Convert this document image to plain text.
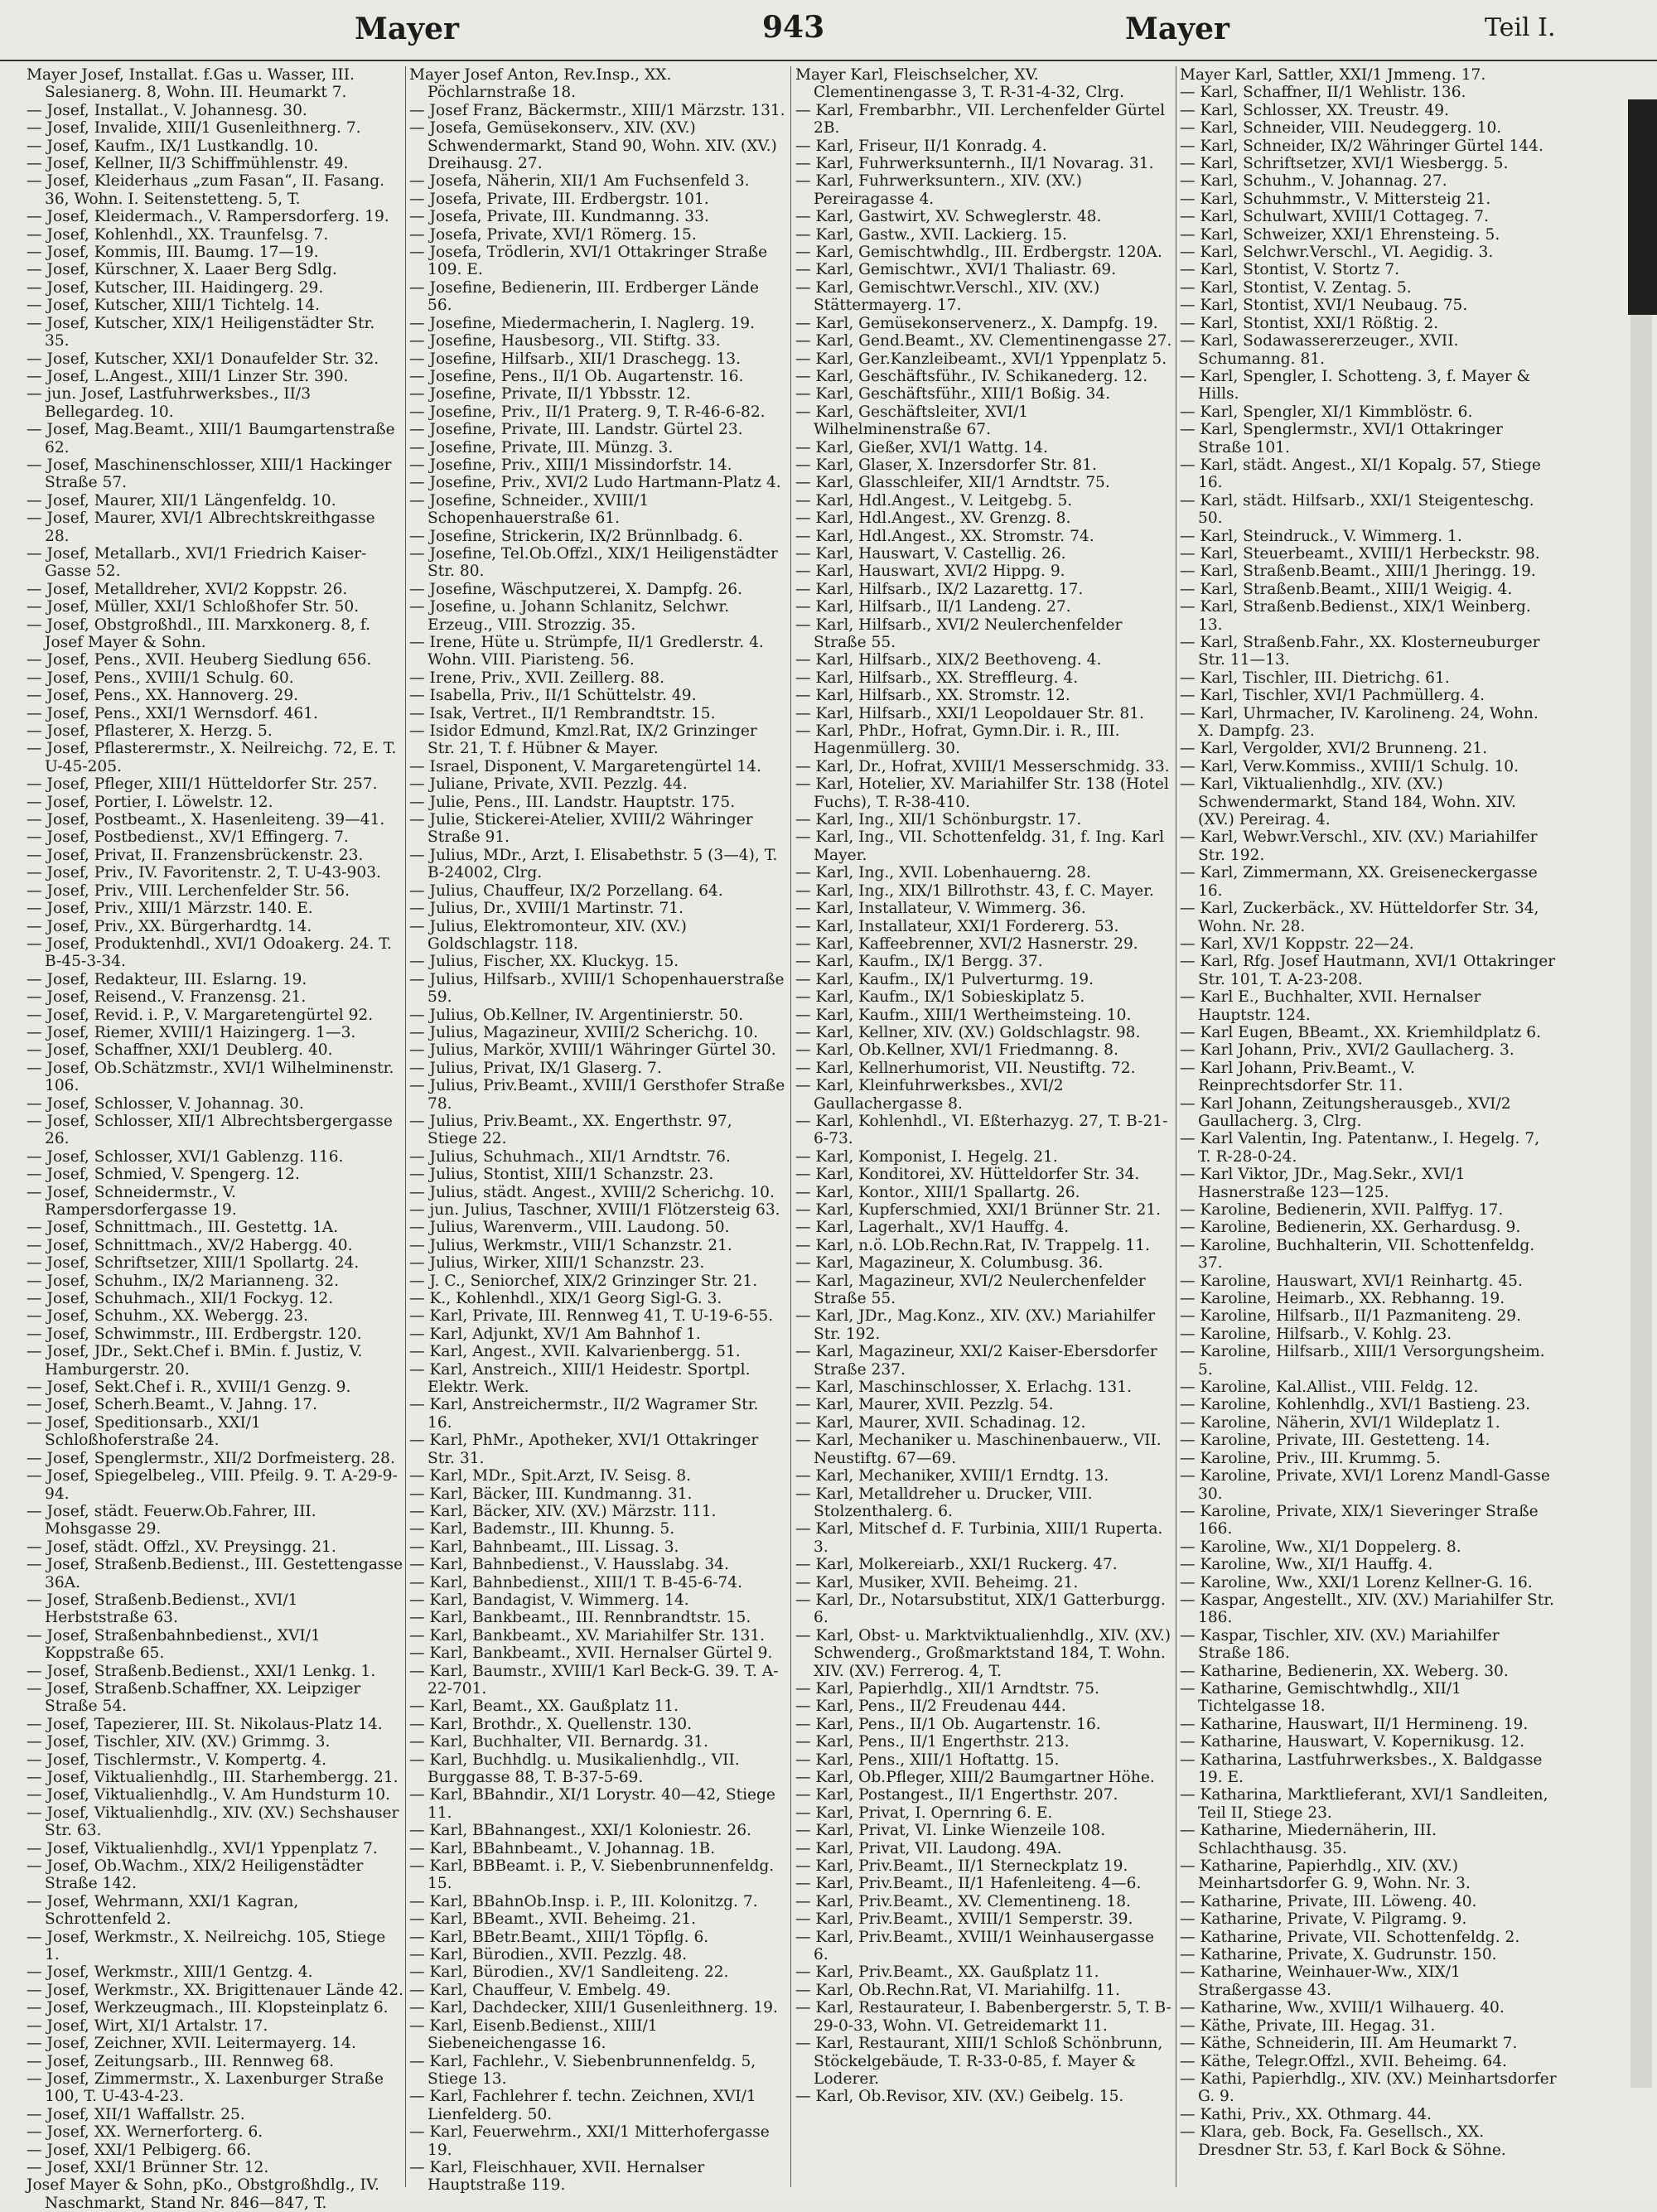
Mayer	943	Mayer	Teil I.

Mayer Josef, Installat. f.Gas u. Wasser, III. Salesianerg. 8, Wohn. III. Heumarkt 7.

— Josef, Installat., V. Johannesg. 30.

— Josef, Invalide, XIII/1 Gusenleithnerg. 7.

— Josef, Kaufm., IX/1 Lustkandlg. 10.

— Josef, Kellner, II/3 Schiffmühlenstr. 49.

— Josef, Kleiderhaus „zum Fasan“, II. Fasang. 36, Wohn. I. Seitenstetteng. 5, T.

— Josef, Kleidermach., V. Rampersdorferg. 19.

— Josef, Kohlenhdl., XX. Traunfelsg. 7.

— Josef, Kommis, III. Baumg. 17—19.

— Josef, Kürschner, X. Laaer Berg Sdlg.

— Josef, Kutscher, III. Haidingerg. 29.

— Josef, Kutscher, XIII/1 Tichtelg. 14.

— Josef, Kutscher, XIX/1 Heiligenstädter Str. 35.

— Josef, Kutscher, XXI/1 Donaufelder Str. 32.

— Josef, L.Angest., XIII/1 Linzer Str. 390.

— jun. Josef, Lastfuhrwerksbes., II/3 Bellegardeg. 10.

— Josef, Mag.Beamt., XIII/1 Baumgartenstraße 62.

— Josef, Maschinenschlosser, XIII/1 Hackinger Straße 57.

— Josef, Maurer, XII/1 Längenfeldg. 10.

— Josef, Maurer, XVI/1 Albrechtskreithgasse 28.

— Josef, Metallarb., XVI/1 Friedrich Kaiser-Gasse 52.

— Josef, Metalldreher, XVI/2 Koppstr. 26.

— Josef, Müller, XXI/1 Schloßhofer Str. 50.

— Josef, Obstgroßhdl., III. Marxkonerg. 8, f. Josef Mayer & Sohn.

— Josef, Pens., XVII. Heuberg Siedlung 656.

— Josef, Pens., XVIII/1 Schulg. 60.

— Josef, Pens., XX. Hannoverg. 29.

— Josef, Pens., XXI/1 Wernsdorf. 461.

— Josef, Pflasterer, X. Herzg. 5.

— Josef, Pflasterermstr., X. Neilreichg. 72, E. T. U-45-205.

— Josef, Pfleger, XIII/1 Hütteldorfer Str. 257.

— Josef, Portier, I. Löwelstr. 12.

— Josef, Postbeamt., X. Hasenleiteng. 39—41.

— Josef, Postbedienst., XV/1 Effingerg. 7.

— Josef, Privat, II. Franzensbrückenstr. 23.

— Josef, Priv., IV. Favoritenstr. 2, T. U-43-903.

— Josef, Priv., VIII. Lerchenfelder Str. 56.

— Josef, Priv., XIII/1 Märzstr. 140. E.

— Josef, Priv., XX. Bürgerhardtg. 14.

— Josef, Produktenhdl., XVI/1 Odoakerg. 24. T. B-45-3-34.

— Josef, Redakteur, III. Eslarng. 19.

— Josef, Reisend., V. Franzensg. 21.

— Josef, Revid. i. P., V. Margaretengürtel 92.

— Josef, Riemer, XVIII/1 Haizingerg. 1—3.

— Josef, Schaffner, XXI/1 Deublerg. 40.

— Josef, Ob.Schätzmstr., XVI/1 Wilhelminenstr. 106.

— Josef, Schlosser, V. Johannag. 30.

— Josef, Schlosser, XII/1 Albrechtsbergergasse 26.

— Josef, Schlosser, XVI/1 Gablenzg. 116.

— Josef, Schmied, V. Spengerg. 12.

— Josef, Schneidermstr., V. Rampersdorfergasse 19.

— Josef, Schnittmach., III. Gestettg. 1A.

— Josef, Schnittmach., XV/2 Habergg. 40.

— Josef, Schriftsetzer, XIII/1 Spollartg. 24.

— Josef, Schuhm., IX/2 Marianneng. 32.

— Josef, Schuhmach., XII/1 Fockyg. 12.

— Josef, Schuhm., XX. Webergg. 23.

— Josef, Schwimmstr., III. Erdbergstr. 120.

— Josef, JDr., Sekt.Chef i. BMin. f. Justiz, V. Hamburgerstr. 20.

— Josef, Sekt.Chef i. R., XVIII/1 Genzg. 9.

— Josef, Scherh.Beamt., V. Jahng. 17.

— Josef, Speditionsarb., XXI/1 Schloßhoferstraße 24.

— Josef, Spenglermstr., XII/2 Dorfmeisterg. 28.

— Josef, Spiegelbeleg., VIII. Pfeilg. 9. T. A-29-9-94.

— Josef, städt. Feuerw.Ob.Fahrer, III. Mohsgasse 29.

— Josef, städt. Offzl., XV. Preysingg. 21.

— Josef, Straßenb.Bedienst., III. Gestettengasse 36A.

— Josef, Straßenb.Bedienst., XVI/1 Herbststraße 63.

— Josef, Straßenbahnbedienst., XVI/1 Koppstraße 65.

— Josef, Straßenb.Bedienst., XXI/1 Lenkg. 1.

— Josef, Straßenb.Schaffner, XX. Leipziger Straße 54.

— Josef, Tapezierer, III. St. Nikolaus-Platz 14.

— Josef, Tischler, XIV. (XV.) Grimmg. 3.

— Josef, Tischlermstr., V. Kompertg. 4.

— Josef, Viktualienhdlg., III. Starhembergg. 21.

— Josef, Viktualienhdlg., V. Am Hundsturm 10.

— Josef, Viktualienhdlg., XIV. (XV.) Sechshauser Str. 63.

— Josef, Viktualienhdlg., XVI/1 Yppenplatz 7.

— Josef, Ob.Wachm., XIX/2 Heiligenstädter Straße 142.

— Josef, Wehrmann, XXI/1 Kagran, Schrottenfeld 2.

— Josef, Werkmstr., X. Neilreichg. 105, Stiege 1.

— Josef, Werkmstr., XIII/1 Gentzg. 4.

— Josef, Werkmstr., XX. Brigittenauer Lände 42.

— Josef, Werkzeugmach., III. Klopsteinplatz 6.

— Josef, Wirt, XI/1 Artalstr. 17.

— Josef, Zeichner, XVII. Leitermayerg. 14.

— Josef, Zeitungsarb., III. Rennweg 68.

— Josef, Zimmermstr., X. Laxenburger Straße 100, T. U-43-4-23.

— Josef, XII/1 Waffallstr. 25.

— Josef, XX. Wernerforterg. 6.

— Josef, XXI/1 Pelbigerg. 66.

— Josef, XXI/1 Brünner Str. 12.

Josef Mayer & Sohn, pKo., Obstgroßhdlg., IV. Naschmarkt, Stand Nr. 846—847, T.

Mayer Josef Anton, Rev.Insp., XX. Pöchlarnstraße 18.

— Josef Franz, Bäckermstr., XIII/1 Märzstr. 131.

— Josefa, Gemüsekonserv., XIV. (XV.) Schwendermarkt, Stand 90, Wohn. XIV. (XV.) Dreihausg. 27.

— Josefa, Näherin, XII/1 Am Fuchsenfeld 3.

— Josefa, Private, III. Erdbergstr. 101.

— Josefa, Private, III. Kundmanng. 33.

— Josefa, Private, XVI/1 Römerg. 15.

— Josefa, Trödlerin, XVI/1 Ottakringer Straße 109. E.

— Josefine, Bedienerin, III. Erdberger Lände 56.

— Josefine, Miedermacherin, I. Naglerg. 19.

— Josefine, Hausbesorg., VII. Stiftg. 33.

— Josefine, Hilfsarb., XII/1 Draschegg. 13.

— Josefine, Pens., II/1 Ob. Augartenstr. 16.

— Josefine, Private, II/1 Ybbsstr. 12.

— Josefine, Priv., II/1 Praterg. 9, T. R-46-6-82.

— Josefine, Private, III. Landstr. Gürtel 23.

— Josefine, Private, III. Münzg. 3.

— Josefine, Priv., XIII/1 Missindorfstr. 14.

— Josefine, Priv., XVI/2 Ludo Hartmann-Platz 4.

— Josefine, Schneider., XVIII/1 Schopenhauerstraße 61.

— Josefine, Strickerin, IX/2 Brünnlbadg. 6.

— Josefine, Tel.Ob.Offzl., XIX/1 Heiligenstädter Str. 80.

— Josefine, Wäschputzerei, X. Dampfg. 26.

— Josefine, u. Johann Schlanitz, Selchwr. Erzeug., VIII. Strozzig. 35.

— Irene, Hüte u. Strümpfe, II/1 Gredlerstr. 4. Wohn. VIII. Piaristeng. 56.

— Irene, Priv., XVII. Zeillerg. 88.

— Isabella, Priv., II/1 Schüttelstr. 49.

— Isak, Vertret., II/1 Rembrandtstr. 15.

— Isidor Edmund, Kmzl.Rat, IX/2 Grinzinger Str. 21, T. f. Hübner & Mayer.

— Israel, Disponent, V. Margaretengürtel 14.

— Juliane, Private, XVII. Pezzlg. 44.

— Julie, Pens., III. Landstr. Hauptstr. 175.

— Julie, Stickerei-Atelier, XVIII/2 Währinger Straße 91.

— Julius, MDr., Arzt, I. Elisabethstr. 5 (3—4), T. B-24002, Clrg.

— Julius, Chauffeur, IX/2 Porzellang. 64.

— Julius, Dr., XVIII/1 Martinstr. 71.

— Julius, Elektromonteur, XIV. (XV.) Goldschlagstr. 118.

— Julius, Fischer, XX. Kluckyg. 15.

— Julius, Hilfsarb., XVIII/1 Schopenhauerstraße 59.

— Julius, Ob.Kellner, IV. Argentinierstr. 50.

— Julius, Magazineur, XVIII/2 Scherichg. 10.

— Julius, Markör, XVIII/1 Währinger Gürtel 30.

— Julius, Privat, IX/1 Glaserg. 7.

— Julius, Priv.Beamt., XVIII/1 Gersthofer Straße 78.

— Julius, Priv.Beamt., XX. Engerthstr. 97, Stiege 22.

— Julius, Schuhmach., XII/1 Arndtstr. 76.

— Julius, Stontist, XIII/1 Schanzstr. 23.

— Julius, städt. Angest., XVIII/2 Scherichg. 10.

— jun. Julius, Taschner, XVIII/1 Flötzersteig 63.

— Julius, Warenverm., VIII. Laudong. 50.

— Julius, Werkmstr., VIII/1 Schanzstr. 21.

— Julius, Wirker, XIII/1 Schanzstr. 23.

— J. C., Seniorchef, XIX/2 Grinzinger Str. 21.

— K., Kohlenhdl., XIX/1 Georg Sigl-G. 3.

— Karl, Private, III. Rennweg 41, T. U-19-6-55.

— Karl, Adjunkt, XV/1 Am Bahnhof 1.

— Karl, Angest., XVII. Kalvarienbergg. 51.

— Karl, Anstreich., XIII/1 Heidestr. Sportpl. Elektr. Werk.

— Karl, Anstreichermstr., II/2 Wagramer Str. 16.

— Karl, PhMr., Apotheker, XVI/1 Ottakringer Str. 31.

— Karl, MDr., Spit.Arzt, IV. Seisg. 8.

— Karl, Bäcker, III. Kundmanng. 31.

— Karl, Bäcker, XIV. (XV.) Märzstr. 111.

— Karl, Bademstr., III. Khunng. 5.

— Karl, Bahnbeamt., III. Lissag. 3.

— Karl, Bahnbedienst., V. Hausslabg. 34.

— Karl, Bahnbedienst., XIII/1 T. B-45-6-74.

— Karl, Bandagist, V. Wimmerg. 14.

— Karl, Bankbeamt., III. Rennbrandtstr. 15.

— Karl, Bankbeamt., XV. Mariahilfer Str. 131.

— Karl, Bankbeamt., XVII. Hernalser Gürtel 9.

— Karl, Baumstr., XVIII/1 Karl Beck-G. 39. T. A-22-701.

— Karl, Beamt., XX. Gaußplatz 11.

— Karl, Brothdr., X. Quellenstr. 130.

— Karl, Buchhalter, VII. Bernardg. 31.

— Karl, Buchhdlg. u. Musikalienhdlg., VII. Burggasse 88, T. B-37-5-69.

— Karl, BBahndir., XI/1 Lorystr. 40—42, Stiege 11.

— Karl, BBahnangest., XXI/1 Koloniestr. 26.

— Karl, BBahnbeamt., V. Johannag. 1B.

— Karl, BBBeamt. i. P., V. Siebenbrunnenfeldg. 15.

— Karl, BBahnOb.Insp. i. P., III. Kolonitzg. 7.

— Karl, BBeamt., XVII. Beheimg. 21.

— Karl, BBetr.Beamt., XIII/1 Töpflg. 6.

— Karl, Bürodien., XVII. Pezzlg. 48.

— Karl, Bürodien., XV/1 Sandleiteng. 22.

— Karl, Chauffeur, V. Embelg. 49.

— Karl, Dachdecker, XIII/1 Gusenleithnerg. 19.

— Karl, Eisenb.Bedienst., XIII/1 Siebeneichengasse 16.

— Karl, Fachlehr., V. Siebenbrunnenfeldg. 5, Stiege 13.

— Karl, Fachlehrer f. techn. Zeichnen, XVI/1 Lienfelderg. 50.

— Karl, Feuerwehrm., XXI/1 Mitterhofergasse 19.

— Karl, Fleischhauer, XVII. Hernalser Hauptstraße 119.

Mayer Karl, Fleischselcher, XV. Clementinengasse 3, T. R-31-4-32, Clrg.

— Karl, Frembarbhr., VII. Lerchenfelder Gürtel 2B.

— Karl, Friseur, II/1 Konradg. 4.

— Karl, Fuhrwerksunternh., II/1 Novarag. 31.

— Karl, Fuhrwerksuntern., XIV. (XV.) Pereiragasse 4.

— Karl, Gastwirt, XV. Schweglerstr. 48.

— Karl, Gastw., XVII. Lackierg. 15.

— Karl, Gemischtwhdlg., III. Erdbergstr. 120A.

— Karl, Gemischtwr., XVI/1 Thaliastr. 69.

— Karl, Gemischtwr.Verschl., XIV. (XV.) Stättermayerg. 17.

— Karl, Gemüsekonservenerz., X. Dampfg. 19.

— Karl, Gend.Beamt., XV. Clementinengasse 27.

— Karl, Ger.Kanzleibeamt., XVI/1 Yppenplatz 5.

— Karl, Geschäftsführ., IV. Schikanederg. 12.

— Karl, Geschäftsführ., XIII/1 Boßig. 34.

— Karl, Geschäftsleiter, XVI/1 Wilhelminenstraße 67.

— Karl, Gießer, XVI/1 Wattg. 14.

— Karl, Glaser, X. Inzersdorfer Str. 81.

— Karl, Glasschleifer, XII/1 Arndtstr. 75.

— Karl, Hdl.Angest., V. Leitgebg. 5.

— Karl, Hdl.Angest., XV. Grenzg. 8.

— Karl, Hdl.Angest., XX. Stromstr. 74.

— Karl, Hauswart, V. Castellig. 26.

— Karl, Hauswart, XVI/2 Hippg. 9.

— Karl, Hilfsarb., IX/2 Lazarettg. 17.

— Karl, Hilfsarb., II/1 Landeng. 27.

— Karl, Hilfsarb., XVI/2 Neulerchenfelder Straße 55.

— Karl, Hilfsarb., XIX/2 Beethoveng. 4.

— Karl, Hilfsarb., XX. Streffleurg. 4.

— Karl, Hilfsarb., XX. Stromstr. 12.

— Karl, Hilfsarb., XXI/1 Leopoldauer Str. 81.

— Karl, PhDr., Hofrat, Gymn.Dir. i. R., III. Hagenmüllerg. 30.

— Karl, Dr., Hofrat, XVIII/1 Messerschmidg. 33.

— Karl, Hotelier, XV. Mariahilfer Str. 138 (Hotel Fuchs), T. R-38-410.

— Karl, Ing., XII/1 Schönburgstr. 17.

— Karl, Ing., VII. Schottenfeldg. 31, f. Ing. Karl Mayer.

— Karl, Ing., XVII. Lobenhauerng. 28.

— Karl, Ing., XIX/1 Billrothstr. 43, f. C. Mayer.

— Karl, Installateur, V. Wimmerg. 36.

— Karl, Installateur, XXI/1 Fordererg. 53.

— Karl, Kaffeebrenner, XVI/2 Hasnerstr. 29.

— Karl, Kaufm., IX/1 Bergg. 37.

— Karl, Kaufm., IX/1 Pulverturmg. 19.

— Karl, Kaufm., IX/1 Sobieskiplatz 5.

— Karl, Kaufm., XIII/1 Wertheimsteing. 10.

— Karl, Kellner, XIV. (XV.) Goldschlagstr. 98.

— Karl, Ob.Kellner, XVI/1 Friedmanng. 8.

— Karl, Kellnerhumorist, VII. Neustiftg. 72.

— Karl, Kleinfuhrwerksbes., XVI/2 Gaullachergasse 8.

— Karl, Kohlenhdl., VI. Eßterhazyg. 27, T. B-21-6-73.

— Karl, Komponist, I. Hegelg. 21.

— Karl, Konditorei, XV. Hütteldorfer Str. 34.

— Karl, Kontor., XIII/1 Spallartg. 26.

— Karl, Kupferschmied, XXI/1 Brünner Str. 21.

— Karl, Lagerhalt., XV/1 Hauffg. 4.

— Karl, n.ö. LOb.Rechn.Rat, IV. Trappelg. 11.

— Karl, Magazineur, X. Columbusg. 36.

— Karl, Magazineur, XVI/2 Neulerchenfelder Straße 55.

— Karl, JDr., Mag.Konz., XIV. (XV.) Mariahilfer Str. 192.

— Karl, Magazineur, XXI/2 Kaiser-Ebersdorfer Straße 237.

— Karl, Maschinschlosser, X. Erlachg. 131.

— Karl, Maurer, XVII. Pezzlg. 54.

— Karl, Maurer, XVII. Schadinag. 12.

— Karl, Mechaniker u. Maschinenbauerw., VII. Neustiftg. 67—69.

— Karl, Mechaniker, XVIII/1 Erndtg. 13.

— Karl, Metalldreher u. Drucker, VIII. Stolzenthalerg. 6.

— Karl, Mitschef d. F. Turbinia, XIII/1 Ruperta. 3.

— Karl, Molkereiarb., XXI/1 Ruckerg. 47.

— Karl, Musiker, XVII. Beheimg. 21.

— Karl, Dr., Notarsubstitut, XIX/1 Gatterburgg. 6.

— Karl, Obst- u. Marktviktualienhdlg., XIV. (XV.) Schwenderg., Großmarktstand 184, T. Wohn. XIV. (XV.) Ferrerog. 4, T.

— Karl, Papierhdlg., XII/1 Arndtstr. 75.

— Karl, Pens., II/2 Freudenau 444.

— Karl, Pens., II/1 Ob. Augartenstr. 16.

— Karl, Pens., II/1 Engerthstr. 213.

— Karl, Pens., XIII/1 Hoftattg. 15.

— Karl, Ob.Pfleger, XIII/2 Baumgartner Höhe.

— Karl, Postangest., II/1 Engerthstr. 207.

— Karl, Privat, I. Opernring 6. E.

— Karl, Privat, VI. Linke Wienzeile 108.

— Karl, Privat, VII. Laudong. 49A.

— Karl, Priv.Beamt., II/1 Sterneckplatz 19.

— Karl, Priv.Beamt., II/1 Hafenleiteng. 4—6.

— Karl, Priv.Beamt., XV. Clementineng. 18.

— Karl, Priv.Beamt., XVIII/1 Semperstr. 39.

— Karl, Priv.Beamt., XVIII/1 Weinhausergasse 6.

— Karl, Priv.Beamt., XX. Gaußplatz 11.

— Karl, Ob.Rechn.Rat, VI. Mariahilfg. 11.

— Karl, Restaurateur, I. Babenbergerstr. 5, T. B-29-0-33, Wohn. VI. Getreidemarkt 11.

— Karl, Restaurant, XIII/1 Schloß Schönbrunn, Stöckelgebäude, T. R-33-0-85, f. Mayer & Loderer.

— Karl, Ob.Revisor, XIV. (XV.) Geibelg. 15.

Mayer Karl, Sattler, XXI/1 Jmmeng. 17.

— Karl, Schaffner, II/1 Wehlistr. 136.

— Karl, Schlosser, XX. Treustr. 49.

— Karl, Schneider, VIII. Neudeggerg. 10.

— Karl, Schneider, IX/2 Währinger Gürtel 144.

— Karl, Schriftsetzer, XVI/1 Wiesbergg. 5.

— Karl, Schuhm., V. Johannag. 27.

— Karl, Schuhmmstr., V. Mittersteig 21.

— Karl, Schulwart, XVIII/1 Cottageg. 7.

— Karl, Schweizer, XXI/1 Ehrensteing. 5.

— Karl, Selchwr.Verschl., VI. Aegidig. 3.

— Karl, Stontist, V. Stortz 7.

— Karl, Stontist, V. Zentag. 5.

— Karl, Stontist, XVI/1 Neubaug. 75.

— Karl, Stontist, XXI/1 Rößtig. 2.

— Karl, Sodawassererzeuger., XVII. Schumanng. 81.

— Karl, Spengler, I. Schotteng. 3, f. Mayer & Hills.

— Karl, Spengler, XI/1 Kimmblöstr. 6.

— Karl, Spenglermstr., XVI/1 Ottakringer Straße 101.

— Karl, städt. Angest., XI/1 Kopalg. 57, Stiege 16.

— Karl, städt. Hilfsarb., XXI/1 Steigenteschg. 50.

— Karl, Steindruck., V. Wimmerg. 1.

— Karl, Steuerbeamt., XVIII/1 Herbeckstr. 98.

— Karl, Straßenb.Beamt., XIII/1 Jheringg. 19.

— Karl, Straßenb.Beamt., XIII/1 Weigig. 4.

— Karl, Straßenb.Bedienst., XIX/1 Weinberg. 13.

— Karl, Straßenb.Fahr., XX. Klosterneuburger Str. 11—13.

— Karl, Tischler, III. Dietrichg. 61.

— Karl, Tischler, XVI/1 Pachmüllerg. 4.

— Karl, Uhrmacher, IV. Karolineng. 24, Wohn. X. Dampfg. 23.

— Karl, Vergolder, XVI/2 Brunneng. 21.

— Karl, Verw.Kommiss., XVIII/1 Schulg. 10.

— Karl, Viktualienhdlg., XIV. (XV.) Schwendermarkt, Stand 184, Wohn. XIV. (XV.) Pereirag. 4.

— Karl, Webwr.Verschl., XIV. (XV.) Mariahilfer Str. 192.

— Karl, Zimmermann, XX. Greiseneckergasse 16.

— Karl, Zuckerbäck., XV. Hütteldorfer Str. 34, Wohn. Nr. 28.

— Karl, XV/1 Koppstr. 22—24.

— Karl, Rfg. Josef Hautmann, XVI/1 Ottakringer Str. 101, T. A-23-208.

— Karl E., Buchhalter, XVII. Hernalser Hauptstr. 124.

— Karl Eugen, BBeamt., XX. Kriemhildplatz 6.

— Karl Johann, Priv., XVI/2 Gaullacherg. 3.

— Karl Johann, Priv.Beamt., V. Reinprechtsdorfer Str. 11.

— Karl Johann, Zeitungsherausgeb., XVI/2 Gaullacherg. 3, Clrg.

— Karl Valentin, Ing. Patentanw., I. Hegelg. 7, T. R-28-0-24.

— Karl Viktor, JDr., Mag.Sekr., XVI/1 Hasnerstraße 123—125.

— Karoline, Bedienerin, XVII. Palffyg. 17.

— Karoline, Bedienerin, XX. Gerhardusg. 9.

— Karoline, Buchhalterin, VII. Schottenfeldg. 37.

— Karoline, Hauswart, XVI/1 Reinhartg. 45.

— Karoline, Heimarb., XX. Rebhanng. 19.

— Karoline, Hilfsarb., II/1 Pazmaniteng. 29.

— Karoline, Hilfsarb., V. Kohlg. 23.

— Karoline, Hilfsarb., XIII/1 Versorgungsheim. 5.

— Karoline, Kal.Allist., VIII. Feldg. 12.

— Karoline, Kohlenhdlg., XVI/1 Bastieng. 23.

— Karoline, Näherin, XVI/1 Wildeplatz 1.

— Karoline, Private, III. Gestetteng. 14.

— Karoline, Priv., III. Krummg. 5.

— Karoline, Private, XVI/1 Lorenz Mandl-Gasse 30.

— Karoline, Private, XIX/1 Sieveringer Straße 166.

— Karoline, Ww., XI/1 Doppelerg. 8.

— Karoline, Ww., XI/1 Hauffg. 4.

— Karoline, Ww., XXI/1 Lorenz Kellner-G. 16.

— Kaspar, Angestellt., XIV. (XV.) Mariahilfer Str. 186.

— Kaspar, Tischler, XIV. (XV.) Mariahilfer Straße 186.

— Katharine, Bedienerin, XX. Weberg. 30.

— Katharine, Gemischtwhdlg., XII/1 Tichtelgasse 18.

— Katharine, Hauswart, II/1 Hermineng. 19.

— Katharine, Hauswart, V. Kopernikusg. 12.

— Katharina, Lastfuhrwerksbes., X. Baldgasse 19. E.

— Katharina, Marktlieferant, XVI/1 Sandleiten, Teil II, Stiege 23.

— Katharine, Miedernäherin, III. Schlachthausg. 35.

— Katharine, Papierhdlg., XIV. (XV.) Meinhartsdorfer G. 9, Wohn. Nr. 3.

— Katharine, Private, III. Löweng. 40.

— Katharine, Private, V. Pilgramg. 9.

— Katharine, Private, VII. Schottenfeldg. 2.

— Katharine, Private, X. Gudrunstr. 150.

— Katharine, Weinhauer-Ww., XIX/1 Straßergasse 43.

— Katharine, Ww., XVIII/1 Wilhauerg. 40.

— Käthe, Private, III. Hegag. 31.

— Käthe, Schneiderin, III. Am Heumarkt 7.

— Käthe, Telegr.Offzl., XVII. Beheimg. 64.

— Kathi, Papierhdlg., XIV. (XV.) Meinhartsdorfer G. 9.

— Kathi, Priv., XX. Othmarg. 44.

— Klara, geb. Bock, Fa. Gesellsch., XX. Dresdner Str. 53, f. Karl Bock & Söhne.
